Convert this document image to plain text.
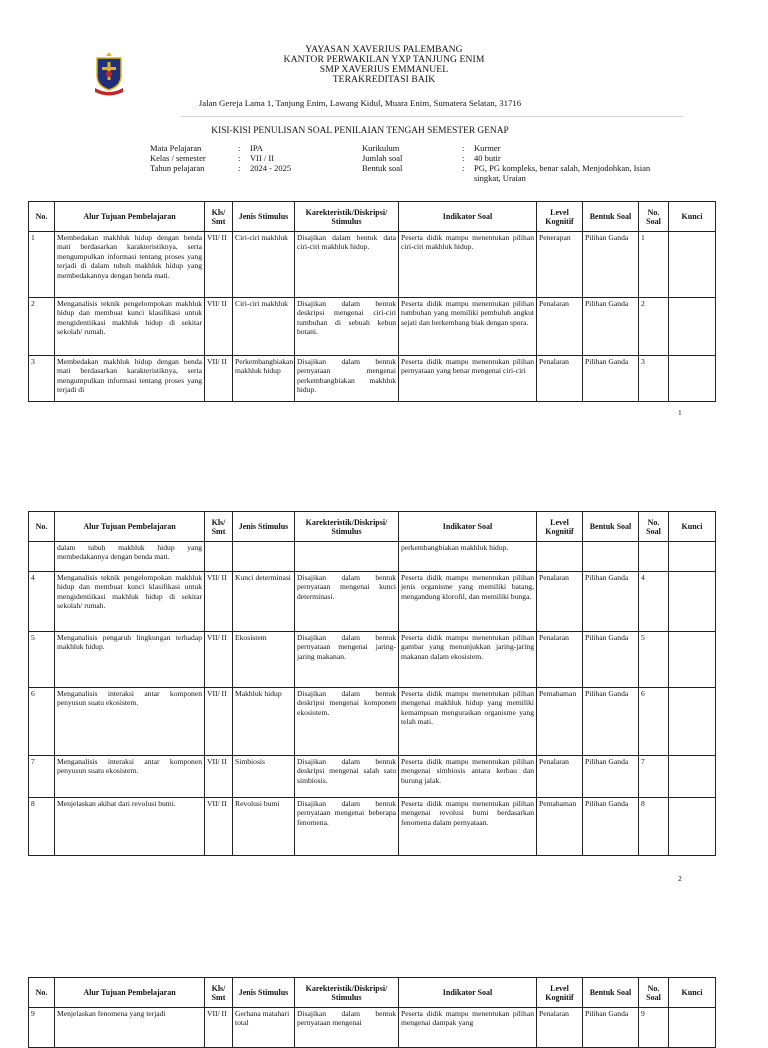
YAYASAN XAVERIUS PALEMBANG
KANTOR PERWAKILAN YXP TANJUNG ENIM
SMP XAVERIUS EMMANUEL
TERAKREDITASI BAIK
Jalan Gereja Lama 1, Tanjung Enim, Lawang Kidul, Muara Enim, Sumatera Selatan, 31716
KISI-KISI PENULISAN SOAL PENILAIAN TENGAH SEMESTER GENAP
Mata Pelajaran	: IPA
Kelas / semester	: VII / II
Tahun pelajaran	: 2024 - 2025
Kurikulum	: Kurmer
Jumlah soal	: 40 butir
Bentuk soal	: PG, PG kompleks, benar salah, Menjodohkan, Isian singkat, Uraian
No.	Alur Tujuan Pembelajaran	Kls/ Smt	Jenis Stimulus	Karekteristik/Diskripsi/ Stimulus	Indikator Soal	Level Kognitif	Bentuk Soal	No. Soal	Kunci
1	Membedakan makhluk hidup dengan benda mati berdasarkan karakteristiknya, serta mengumpulkan informasi tentang proses yang terjadi di dalam tubuh makhluk hidup yang membedakannya dengan benda mati.	VII/ II	Ciri-ciri makhluk	Disajikan dalam bentuk data ciri-ciri makhluk hidup.	Peserta didik mampu menentukan pilihan ciri-ciri makhluk hidup.	Penerapan	Pilihan Ganda	1	
2	Menganalisis teknik pengelompokan makhluk hidup dan membuat kunci klasifikasi untuk mengidentiikasi makhluk hidup di sekitar sekolah/ rumah.	VII/ II	Ciri-ciri makhluk	Disajikan dalam bentuk deskripsi mengenai ciri-ciri tumbuhan di sebuah kebun botani.	Peserta didik mampu menentukan pilihan tumbuhan yang memiliki pembuluh angkut sejati dan berkembang biak dengan spora.	Penalaran	Pilihan Ganda	2	
3	Membedakan makhluk hidup dengan benda mati berdasarkan karakteristiknya, serta mengumpulkan informasi tentang proses yang terjadi di	VII/ II	Perkembangbiakan makhluk hidup	Disajikan dalam bentuk pernyataan mengenai perkembangbiakan makhluk hidup.	Peserta didik mampu menentukan pilihan pernyataan yang benar mengenai ciri-ciri	Penalaran	Pilihan Ganda	3	
1
No.	Alur Tujuan Pembelajaran	Kls/ Smt	Jenis Stimulus	Karekteristik/Diskripsi/ Stimulus	Indikator Soal	Level Kognitif	Bentuk Soal	No. Soal	Kunci
	dalam tubuh makhluk hidup yang membedakannya dengan benda mati.				perkembangbiakan makhluk hidup.				
4	Menganalisis teknik pengelompokan makhluk hidup dan membuat kunci klasifikasi untuk mengidentiikasi makhluk hidup di sekitar sekolah/ rumah.	VII/ II	Kunci determinasi	Disajikan dalam bentuk pernyataan mengenai kunci determinasi.	Peserta didik mampu menentukan pilihan jenis organisme yang memiliki batang, mengandung klorofil, dan memiliki bunga.	Penalaran	Pilihan Ganda	4	
5	Menganalisis pengaruh lingkungan terhadap makhluk hidup.	VII/ II	Ekosistem	Disajikan dalam bentuk pernyataan mengenai jaring-jaring makanan.	Peserta didik mampu menentukan pilihan gambar yang menunjukkan jaring-jaring makanan dalam ekosistem.	Penalaran	Pilihan Ganda	5	
6	Menganalisis interaksi antar komponen penyusun suatu ekosistem.	VII/ II	Makhluk hidup	Disajikan dalam bentuk deskripsi mengenai komponen ekosistem.	Peserta didik mampu menentukan pilihan mengenai makhluk hidup yang memiliki kemampuan menguraikan organisme yang telah mati.	Pemahaman	Pilihan Ganda	6	
7	Menganalisis interaksi antar komponen penyusun suatu ekosistem.	VII/ II	Simbiosis	Disajikan dalam bentuk deskripsi mengenai salah satu simbiosis.	Peserta didik mampu menentukan pilihan mengenai simbiosis antara kerbau dan burung jalak.	Penalaran	Pilihan Ganda	7	
8	Menjelaskan akibat dari revolusi bumi.	VII/ II	Revolusi bumi	Disajikan dalam bentuk pernyataan mengenai beberapa fenomena.	Peserta didik mampu menentukan pilihan mengenai revolusi bumi berdasarkan fenomena dalam pernyataan.	Pemahaman	Pilihan Ganda	8	
2
No.	Alur Tujuan Pembelajaran	Kls/ Smt	Jenis Stimulus	Karekteristik/Diskripsi/ Stimulus	Indikator Soal	Level Kognitif	Bentuk Soal	No. Soal	Kunci
9	Menjelaskan fenomena yang terjadi	VII/ II	Gerhana matahari total	Disajikan dalam bentuk pernyataan mengenai	Peserta didik mampu menentukan pilihan mengenai dampak yang	Penalaran	Pilihan Ganda	9	
